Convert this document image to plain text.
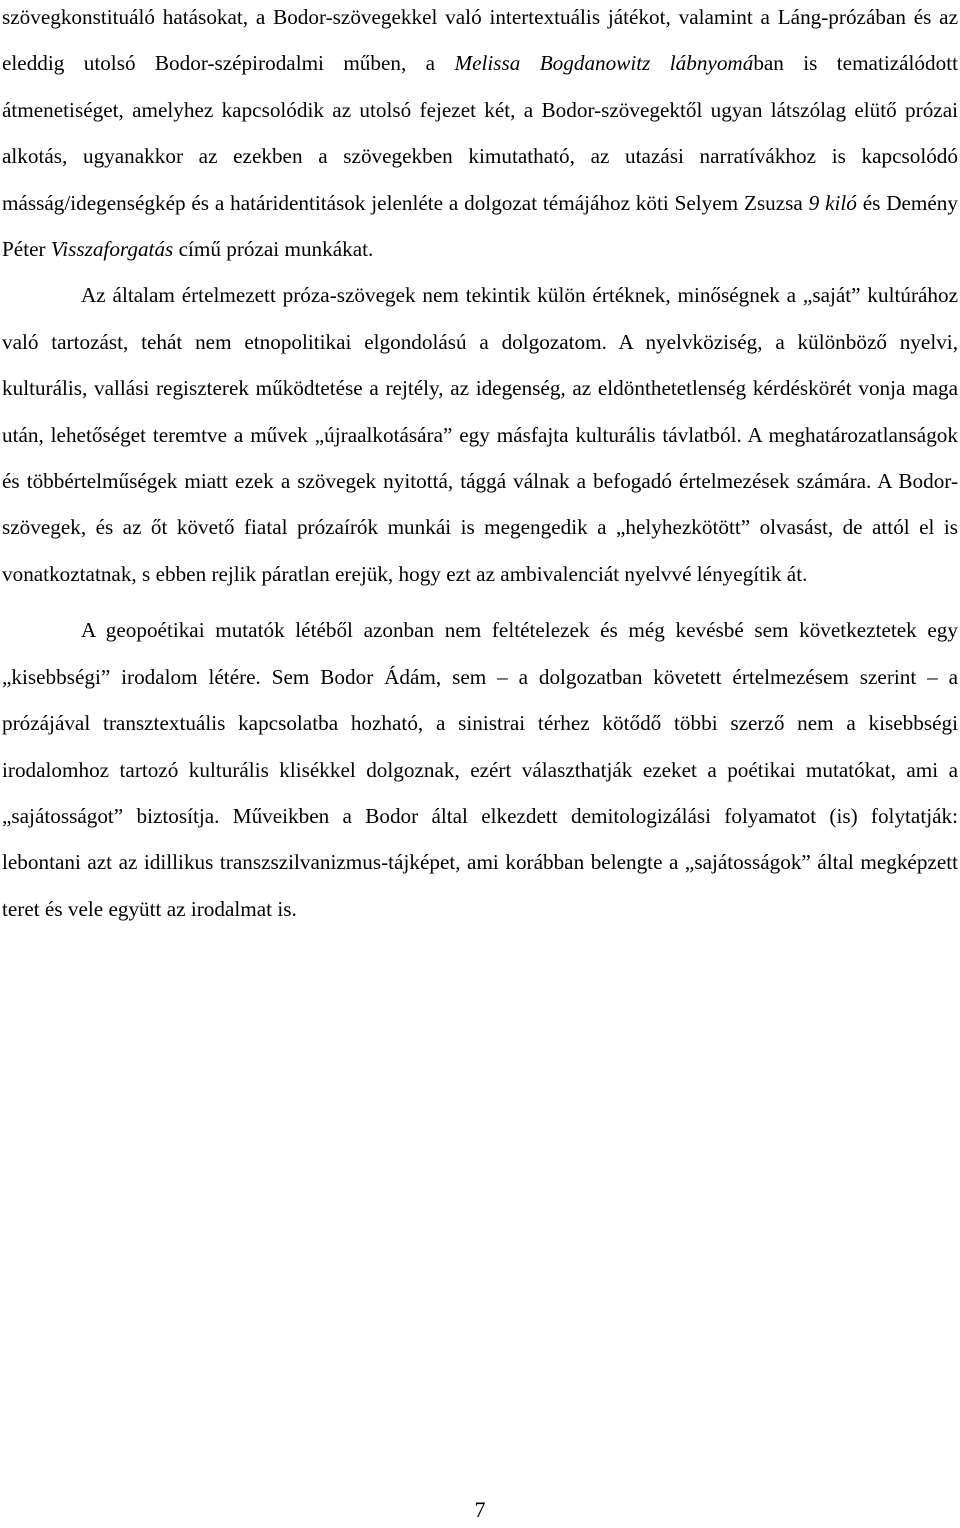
szövegkonstituáló hatásokat, a Bodor-szövegekkel való intertextuális játékot, valamint a Láng-prózában és az eleddig utolsó Bodor-szépirodalmi műben, a Melissa Bogdanowitz lábnyomában is tematizálódott átmenetiséget, amelyhez kapcsolódik az utolsó fejezet két, a Bodor-szövegektől ugyan látszólag elütő prózai alkotás, ugyanakkor az ezekben a szövegekben kimutatható, az utazási narratívákhoz is kapcsolódó másság/idegenségkép és a határidentitások jelenléte a dolgozat témájához köti Selyem Zsuzsa 9 kiló és Demény Péter Visszaforgatás című prózai munkákat.

Az általam értelmezett próza-szövegek nem tekintik külön értéknek, minőségnek a „saját” kultúrához való tartozást, tehát nem etnopolitikai elgondolású a dolgozatom. A nyelvköziség, a különböző nyelvi, kulturális, vallási regiszterek működtetése a rejtély, az idegenség, az eldönthetetlenség kérdéskörét vonja maga után, lehetőséget teremtve a művek „újraalkotására” egy másfajta kulturális távlatból. A meghatározatlanságok és többértelműségek miatt ezek a szövegek nyitottá, tággá válnak a befogadó értelmezések számára. A Bodor-szövegek, és az őt követő fiatal prózaírók munkái is megengedik a „helyhezkötött” olvasást, de attól el is vonatkoztatnak, s ebben rejlik páratlan erejük, hogy ezt az ambivalenciát nyelvvé lényegítik át.

A geopoétikai mutatók létéből azonban nem feltételezek és még kevésbé sem következtetek egy „kisebbségi” irodalom létére. Sem Bodor Ádám, sem – a dolgozatban követett értelmezésem szerint – a prózájával transztextuális kapcsolatba hozható, a sinistrai térhez kötődő többi szerző nem a kisebbségi irodalomhoz tartozó kulturális klisékkel dolgoznak, ezért választhatják ezeket a poétikai mutatókat, ami a „sajátosságot” biztosítja. Műveikben a Bodor által elkezdett demitologizálási folyamatot (is) folytatják: lebontani azt az idillikus transzszilvanizmus-tájképet, ami korábban belengte a „sajátosságok” által megképzett teret és vele együtt az irodalmat is.

7
